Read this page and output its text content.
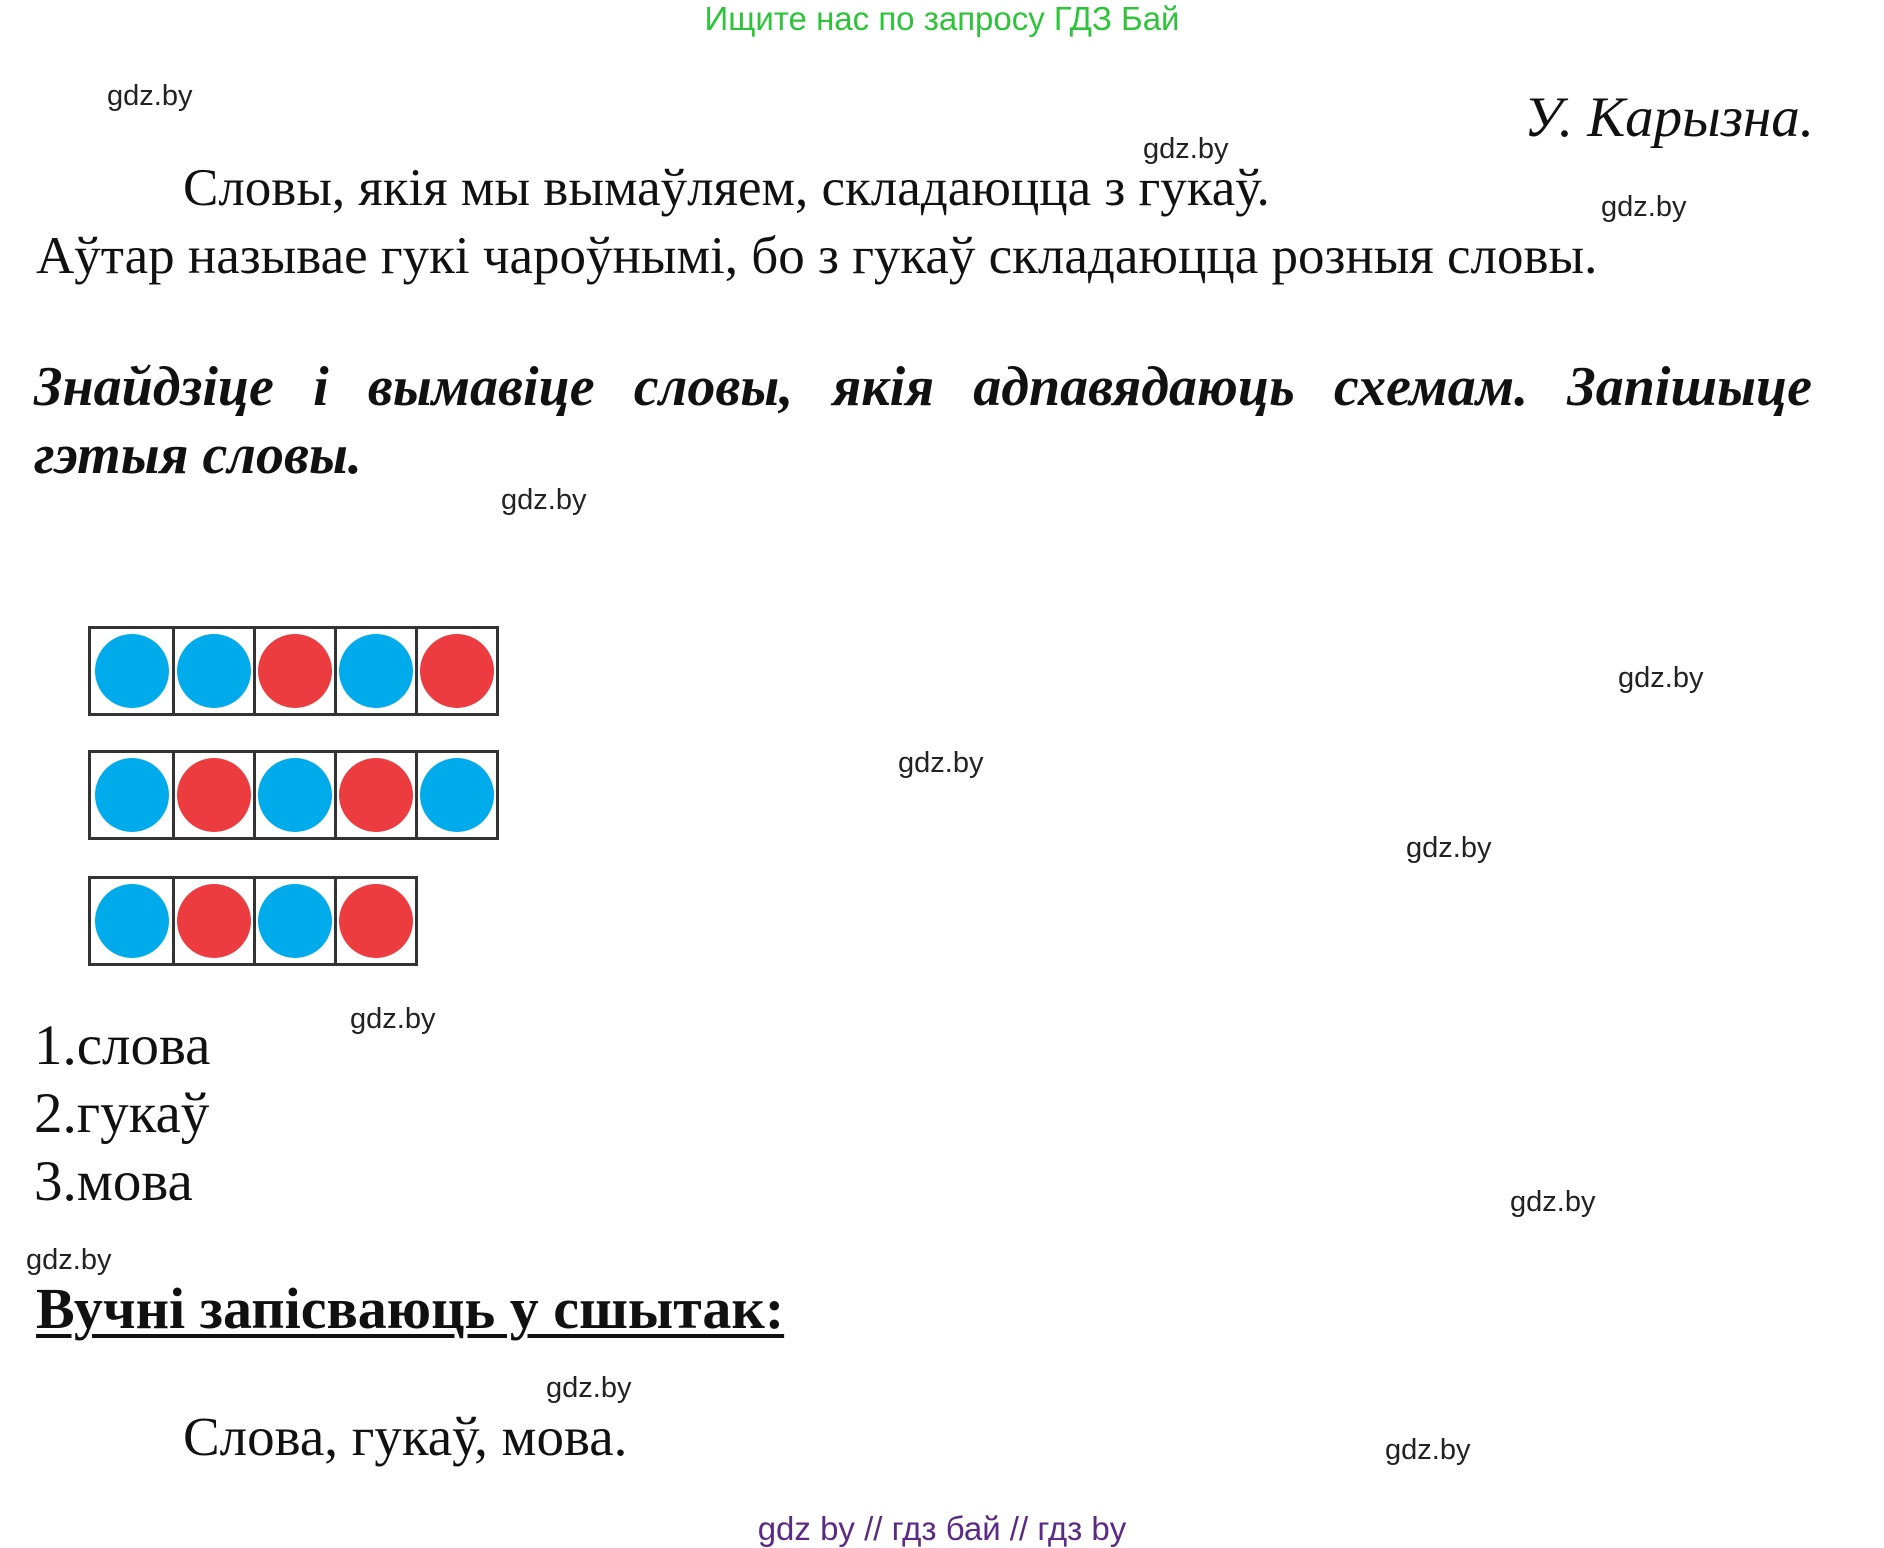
Ищите нас по запросу ГДЗ Бай
gdz.by
gdz.by
gdz.by
gdz.by
gdz.by
gdz.by
gdz.by
gdz.by
gdz.by
gdz.by
gdz.by
gdz.by
У. Карызна.
Словы, якія мы вымаўляем, складаюцца з гукаў.
Аўтар называе гукі чароўнымі, бо з гукаў складаюцца розныя словы.
Знайдзіце і вымавіце словы, якія адпавядаюць схемам. Запішыце
гэтыя словы.
1.слова
2.гукаў
3.мова
Вучні запісваюць у сшытак:
Слова, гукаў, мова.
gdz by // гдз бай // гдз by
